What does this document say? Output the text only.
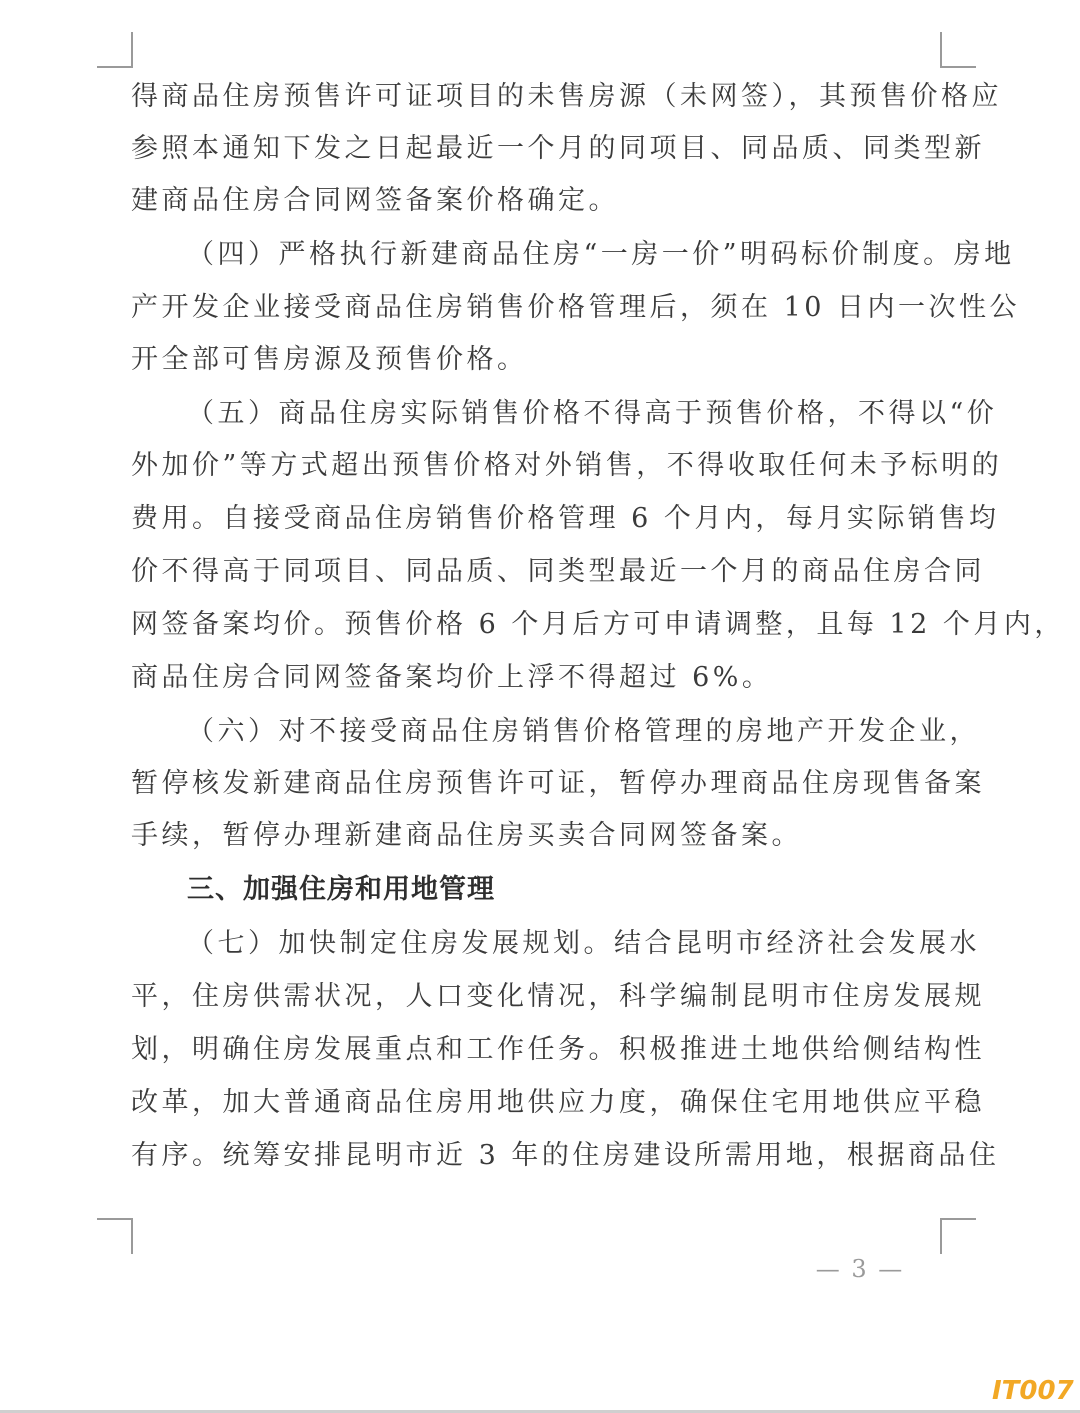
得商品住房预售许可证项目的未售房源（未网签），其预售价格应
参照本通知下发之日起最近一个月的同项目、同品质、同类型新
建商品住房合同网签备案价格确定。
（四）严格执行新建商品住房“一房一价”明码标价制度。房地
产开发企业接受商品住房销售价格管理后，须在 10 日内一次性公
开全部可售房源及预售价格。
（五）商品住房实际销售价格不得高于预售价格，不得以“价
外加价”等方式超出预售价格对外销售，不得收取任何未予标明的
费用。自接受商品住房销售价格管理 6 个月内，每月实际销售均
价不得高于同项目、同品质、同类型最近一个月的商品住房合同
网签备案均价。预售价格 6 个月后方可申请调整，且每 12 个月内，
商品住房合同网签备案均价上浮不得超过 6%。
（六）对不接受商品住房销售价格管理的房地产开发企业，
暂停核发新建商品住房预售许可证，暂停办理商品住房现售备案
手续，暂停办理新建商品住房买卖合同网签备案。
三、加强住房和用地管理
（七）加快制定住房发展规划。结合昆明市经济社会发展水
平，住房供需状况，人口变化情况，科学编制昆明市住房发展规
划，明确住房发展重点和工作任务。积极推进土地供给侧结构性
改革，加大普通商品住房用地供应力度，确保住宅用地供应平稳
有序。统筹安排昆明市近 3 年的住房建设所需用地，根据商品住
— 3 —
IT007
